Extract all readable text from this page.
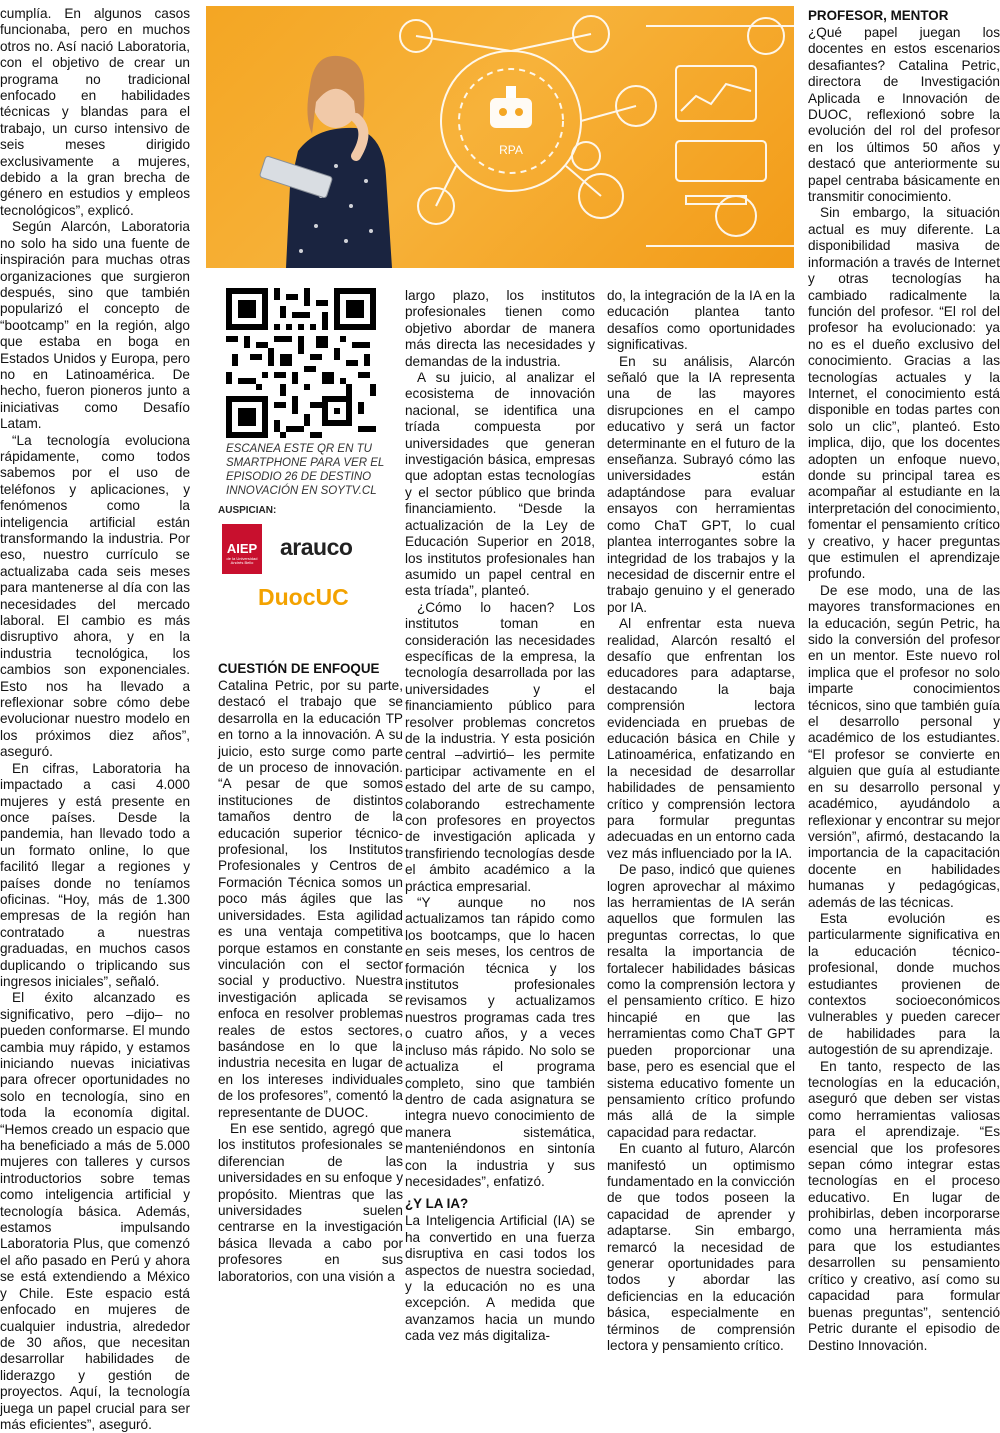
cumplía. En algunos casos funcionaba, pero en muchos otros no. Así nació Laboratoria, con el objetivo de crear un programa no tradicional enfocado en habilidades técnicas y blandas para el trabajo, un curso intensivo de seis meses dirigido exclusivamente a mujeres, debido a la gran brecha de género en estudios y empleos tecnológicos”, explicó.

Según Alarcón, Laboratoria no solo ha sido una fuente de inspiración para muchas otras organizaciones que surgieron después, sino que también popularizó el concepto de “bootcamp” en la región, algo que estaba en boga en Estados Unidos y Europa, pero no en Latinoamérica. De hecho, fueron pioneros junto a iniciativas como Desafío Latam.

“La tecnología evoluciona rápidamente, como todos sabemos por el uso de teléfonos y aplicaciones, y fenómenos como la inteligencia artificial están transformando la industria. Por eso, nuestro currículo se actualizaba cada seis meses para mantenerse al día con las necesidades del mercado laboral. El cambio es más disruptivo ahora, y en la industria tecnológica, los cambios son exponenciales. Esto nos ha llevado a reflexionar sobre cómo debe evolucionar nuestro modelo en los próximos diez años”, aseguró.

En cifras, Laboratoria ha impactado a casi 4.000 mujeres y está presente en once países. Desde la pandemia, han llevado todo a un formato online, lo que facilitó llegar a regiones y países donde no teníamos oficinas. “Hoy, más de 1.300 empresas de la región han contratado a nuestras graduadas, en muchos casos duplicando o triplicando sus ingresos iniciales”, señaló.

El éxito alcanzado es significativo, pero –dijo– no pueden conformarse. El mundo cambia muy rápido, y estamos iniciando nuevas iniciativas para ofrecer oportunidades no solo en tecnología, sino en toda la economía digital. “Hemos creado un espacio que ha beneficiado a más de 5.000 mujeres con talleres y cursos introductorios sobre temas como inteligencia artificial y tecnología básica. Además, estamos impulsando Laboratoria Plus, que comenzó el año pasado en Perú y ahora se está extendiendo a México y Chile. Este espacio está enfocado en mujeres de cualquier industria, alrededor de 30 años, que necesitan desarrollar habilidades de liderazgo y gestión de proyectos. Aquí, la tecnología juega un papel crucial para ser más eficientes”, aseguró.

RPA
ESCANEA ESTE QR EN TU SMARTPHONE PARA VER EL EPISODIO 26 DE DESTINO INNOVACIÓN EN SOYTV.CL
AUSPICIAN:
AIEP
de la Universidad Andrés Bello
arauco
DuocUC
CUESTIÓN DE ENFOQUE

Catalina Petric, por su parte, destacó el trabajo que se desarrolla en la educación TP en torno a la innovación. A su juicio, esto surge como parte de un proceso de innovación. “A pesar de que somos instituciones de distintos tamaños dentro de la educación superior técnico-profesional, los Institutos Profesionales y Centros de Formación Técnica somos un poco más ágiles que las universidades. Esta agilidad es una ventaja competitiva porque estamos en constante vinculación con el sector social y productivo. Nuestra investigación aplicada se enfoca en resolver problemas reales de estos sectores, basándose en lo que la industria necesita en lugar de en los intereses individuales de los profesores”, comentó la representante de DUOC.

En ese sentido, agregó que los institutos profesionales se diferencian de las universidades en su enfoque y propósito. Mientras que las universidades suelen centrarse en la investigación básica llevada a cabo por profesores en sus laboratorios, con una visión a

largo plazo, los institutos profesionales tienen como objetivo abordar de manera más directa las necesidades y demandas de la industria.

A su juicio, al analizar el ecosistema de innovación nacional, se identifica una tríada compuesta por universidades que generan investigación básica, empresas que adoptan estas tecnologías y el sector público que brinda financiamiento. “Desde la actualización de la Ley de Educación Superior en 2018, los institutos profesionales han asumido un papel central en esta tríada”, planteó.

¿Cómo lo hacen? Los institutos toman en consideración las necesidades específicas de la empresa, la tecnología desarrollada por las universidades y el financiamiento público para resolver problemas concretos de la industria. Y esta posición central –advirtió– les permite participar activamente en el estado del arte de su campo, colaborando estrechamente con profesores en proyectos de investigación aplicada y transfiriendo tecnologías desde el ámbito académico a la práctica empresarial.

“Y aunque no nos actualizamos tan rápido como los bootcamps, que lo hacen en seis meses, los centros de formación técnica y los institutos profesionales revisamos y actualizamos nuestros programas cada tres o cuatro años, y a veces incluso más rápido. No solo se actualiza el programa completo, sino que también dentro de cada asignatura se integra nuevo conocimiento de manera sistemática, manteniéndonos en sintonía con la industria y sus necesidades”, enfatizó.

¿Y LA IA?

La Inteligencia Artificial (IA) se ha convertido en una fuerza disruptiva en casi todos los aspectos de nuestra sociedad, y la educación no es una excepción. A medida que avanzamos hacia un mundo cada vez más digitaliza-

do, la integración de la IA en la educación plantea tanto desafíos como oportunidades significativas.

En su análisis, Alarcón señaló que la IA representa una de las mayores disrupciones en el campo educativo y será un factor determinante en el futuro de la enseñanza. Subrayó cómo las universidades están adaptándose para evaluar ensayos con herramientas como ChaT GPT, lo cual plantea interrogantes sobre la integridad de los trabajos y la necesidad de discernir entre el trabajo genuino y el generado por IA.

Al enfrentar esta nueva realidad, Alarcón resaltó el desafío que enfrentan los educadores para adaptarse, destacando la baja comprensión lectora evidenciada en pruebas de educación básica en Chile y Latinoamérica, enfatizando en la necesidad de desarrollar habilidades de pensamiento crítico y comprensión lectora para formular preguntas adecuadas en un entorno cada vez más influenciado por la IA.

De paso, indicó que quienes logren aprovechar al máximo las herramientas de IA serán aquellos que formulen las preguntas correctas, lo que resalta la importancia de fortalecer habilidades básicas como la comprensión lectora y el pensamiento crítico. E hizo hincapié en que las herramientas como ChaT GPT pueden proporcionar una base, pero es esencial que el sistema educativo fomente un pensamiento crítico profundo más allá de la simple capacidad para redactar.

En cuanto al futuro, Alarcón manifestó un optimismo fundamentado en la convicción de que todos poseen la capacidad de aprender y adaptarse. Sin embargo, remarcó la necesidad de generar oportunidades para todos y abordar las deficiencias en la educación básica, especialmente en términos de comprensión lectora y pensamiento crítico.

PROFESOR, MENTOR

¿Qué papel juegan los docentes en estos escenarios desafiantes? Catalina Petric, directora de Investigación Aplicada e Innovación de DUOC, reflexionó sobre la evolución del rol del profesor en los últimos 50 años y destacó que anteriormente su papel centraba básicamente en transmitir conocimiento.

Sin embargo, la situación actual es muy diferente. La disponibilidad masiva de información a través de Internet y otras tecnologías ha cambiado radicalmente la función del profesor. “El rol del profesor ha evolucionado: ya no es el dueño exclusivo del conocimiento. Gracias a las tecnologías actuales y la Internet, el conocimiento está disponible en todas partes con solo un clic”, planteó. Esto implica, dijo, que los docentes adopten un enfoque nuevo, donde su principal tarea es acompañar al estudiante en la interpretación del conocimiento, fomentar el pensamiento crítico y creativo, y hacer preguntas que estimulen el aprendizaje profundo.

De ese modo, una de las mayores transformaciones en la educación, según Petric, ha sido la conversión del profesor en un mentor. Este nuevo rol implica que el profesor no solo imparte conocimientos técnicos, sino que también guía el desarrollo personal y académico de los estudiantes. “El profesor se convierte en alguien que guía al estudiante en su desarrollo personal y académico, ayudándolo a reflexionar y encontrar su mejor versión”, afirmó, destacando la importancia de la capacitación docente en habilidades humanas y pedagógicas, además de las técnicas.

Esta evolución es particularmente significativa en la educación técnico-profesional, donde muchos estudiantes provienen de contextos socioeconómicos vulnerables y pueden carecer de habilidades para la autogestión de su aprendizaje.

En tanto, respecto de las tecnologías en la educación, aseguró que deben ser vistas como herramientas valiosas para el aprendizaje. “Es esencial que los profesores sepan cómo integrar estas tecnologías en el proceso educativo. En lugar de prohibirlas, deben incorporarse como una herramienta más para que los estudiantes desarrollen su pensamiento crítico y creativo, así como su capacidad para formular buenas preguntas”, sentenció Petric durante el episodio de Destino Innovación.
